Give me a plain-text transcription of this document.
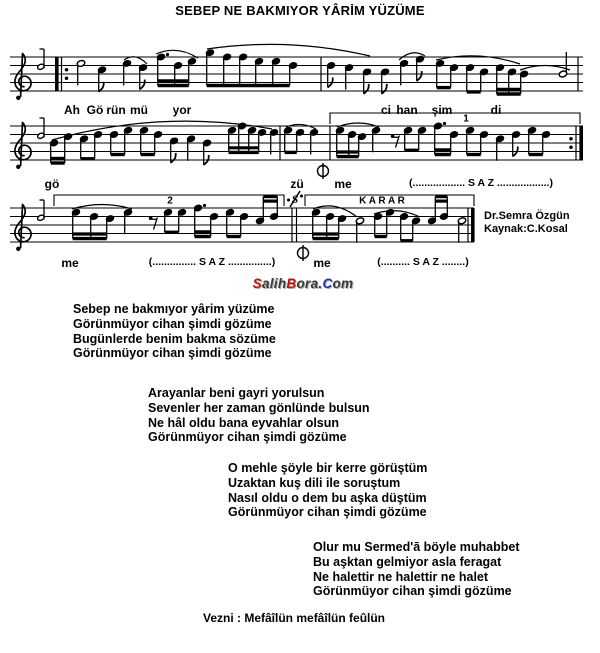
SEBEP NE BAKMIYOR YÂRİM YÜZÜME
1
2	K A R A R
S
Ah Gö rün mü yor	ci han şim	di
gö	zü	me	(.................. S A Z ..................)
me	(............... S A Z ...............)	me	(.......... S A Z ........)
Dr.Semra Özgün
Kaynak:C.Kosal
SalihBora.Com
Sebep ne bakmıyor yârim yüzüme
Görünmüyor cihan şimdi gözüme
Bugünlerde benim bakma sözüme
Görünmüyor cihan şimdi gözüme
Arayanlar beni gayri yorulsun
Sevenler her zaman gönlünde bulsun
Ne hâl oldu bana eyvahlar olsun
Görünmüyor cihan şimdi gözüme
O mehle şöyle bir kerre görüştüm
Uzaktan kuş dili ile soruştum
Nasıl oldu o dem bu aşka düştüm
Görünmüyor cihan şimdi gözüme
Olur mu Sermed'ā böyle muhabbet
Bu aşktan gelmiyor asla feragat
Ne halettir ne halettir ne halet
Görünmüyor cihan şimdi gözüme
Vezni : Mefâîlün mefâîlün feûlün
